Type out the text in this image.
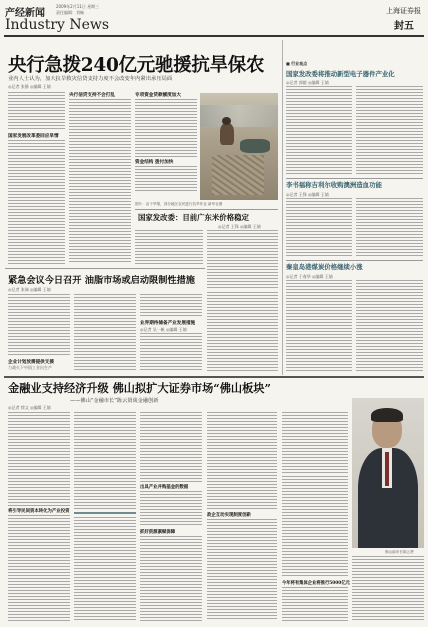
产经新闻
2009年2月11日 星期三
责任编辑：刘畅
Industry News
上海证券报
封五
央行急拨240亿元驰援抗旱保农
业内人士认为，加大抗旱救灾信贷支持力度不会改变年内紧出承压局面
◎记者 张静 ◎编辑 王婧
国家发展改革委回应旱情
央行信贷支持不会打乱	专项资金贷款额度加大
资金结构 拨付加快
图片：由于旱情，部分地区农民进行抗旱作业 新华社图
国家发改委：目前广东米价格稳定
◎记者 王锋 ◎编辑 王婧
紧急会议今日召开 油脂市场或启动限制性措施
◎记者 张瑞 ◎编辑 王婧
企业计划放需提供支援
力战火下中国工业出生产
业界期待储备产业发展措施
◎记者 吴一帆 ◎编辑 王婧
■ 行业观点
国家发改委将推动新型电子器件产业化
◎记者 郭毅 ◎编辑 王婧
李书福称吉利尔收购澳洲造血功能
◎记者 王锋 ◎编辑 王婧
秦皇岛港煤炭价格继续小涨
◎记者 于春华 ◎编辑 王婧
金融业支持经济升级 佛山拟扩大证券市场“佛山板块”
——佛山“金融市长”陈云贤谈金融创新
◎记者 徐文 ◎编辑 王婧
将引导民间资本转化为产业投资
出具产业并购基金的数据
抓好资源禀赋保障
政企互动实现制度创新
今年将有集体企业将推行5000亿元
佛山副市长陈云贤
